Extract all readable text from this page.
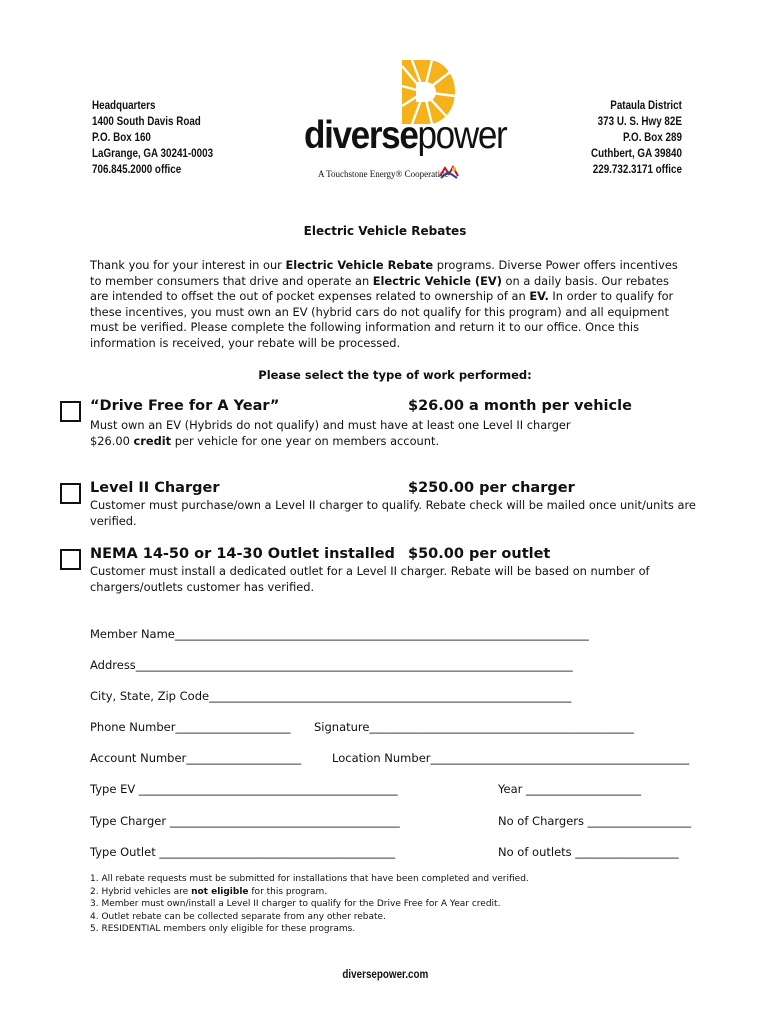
Headquarters
1400 South Davis Road
P.O. Box 160
LaGrange, GA 30241-0003
706.845.2000 office
Pataula District
373 U. S. Hwy 82E
P.O. Box 289
Cuthbert, GA 39840
229.732.3171 office
diversepower
A Touchstone Energy® Cooperative
Electric Vehicle Rebates
Thank you for your interest in our Electric Vehicle Rebate programs. Diverse Power offers incentives to member consumers that drive and operate an Electric Vehicle (EV) on a daily basis. Our rebates are intended to offset the out of pocket expenses related to ownership of an EV. In order to qualify for these incentives, you must own an EV (hybrid cars do not qualify for this program) and all equipment must be verified. Please complete the following information and return it to our office. Once this information is received, your rebate will be processed.
Please select the type of work performed:
“Drive Free for A Year”	$26.00 a month per vehicle
Must own an EV (Hybrids do not qualify) and must have at least one Level II charger $26.00 credit per vehicle for one year on members account.
Level II Charger	$250.00 per charger
Customer must purchase/own a Level II charger to qualify. Rebate check will be mailed once unit/units are verified.
NEMA 14-50 or 14-30 Outlet installed $50.00 per outlet
Customer must install a dedicated outlet for a Level II charger. Rebate will be based on number of chargers/outlets customer has verified.
Member Name________________________________________________________________________
Address____________________________________________________________________________
City, State, Zip Code_______________________________________________________________
Phone Number____________________	Signature______________________________________________
Account Number____________________	Location Number_____________________________________________
Type EV _____________________________________________	Year ____________________
Type Charger ________________________________________	No of Chargers __________________
Type Outlet _________________________________________	No of outlets __________________
1. All rebate requests must be submitted for installations that have been completed and verified.
2. Hybrid vehicles are not eligible for this program.
3. Member must own/install a Level II charger to qualify for the Drive Free for A Year credit.
4. Outlet rebate can be collected separate from any other rebate.
5. RESIDENTIAL members only eligible for these programs.
diversepower.com
